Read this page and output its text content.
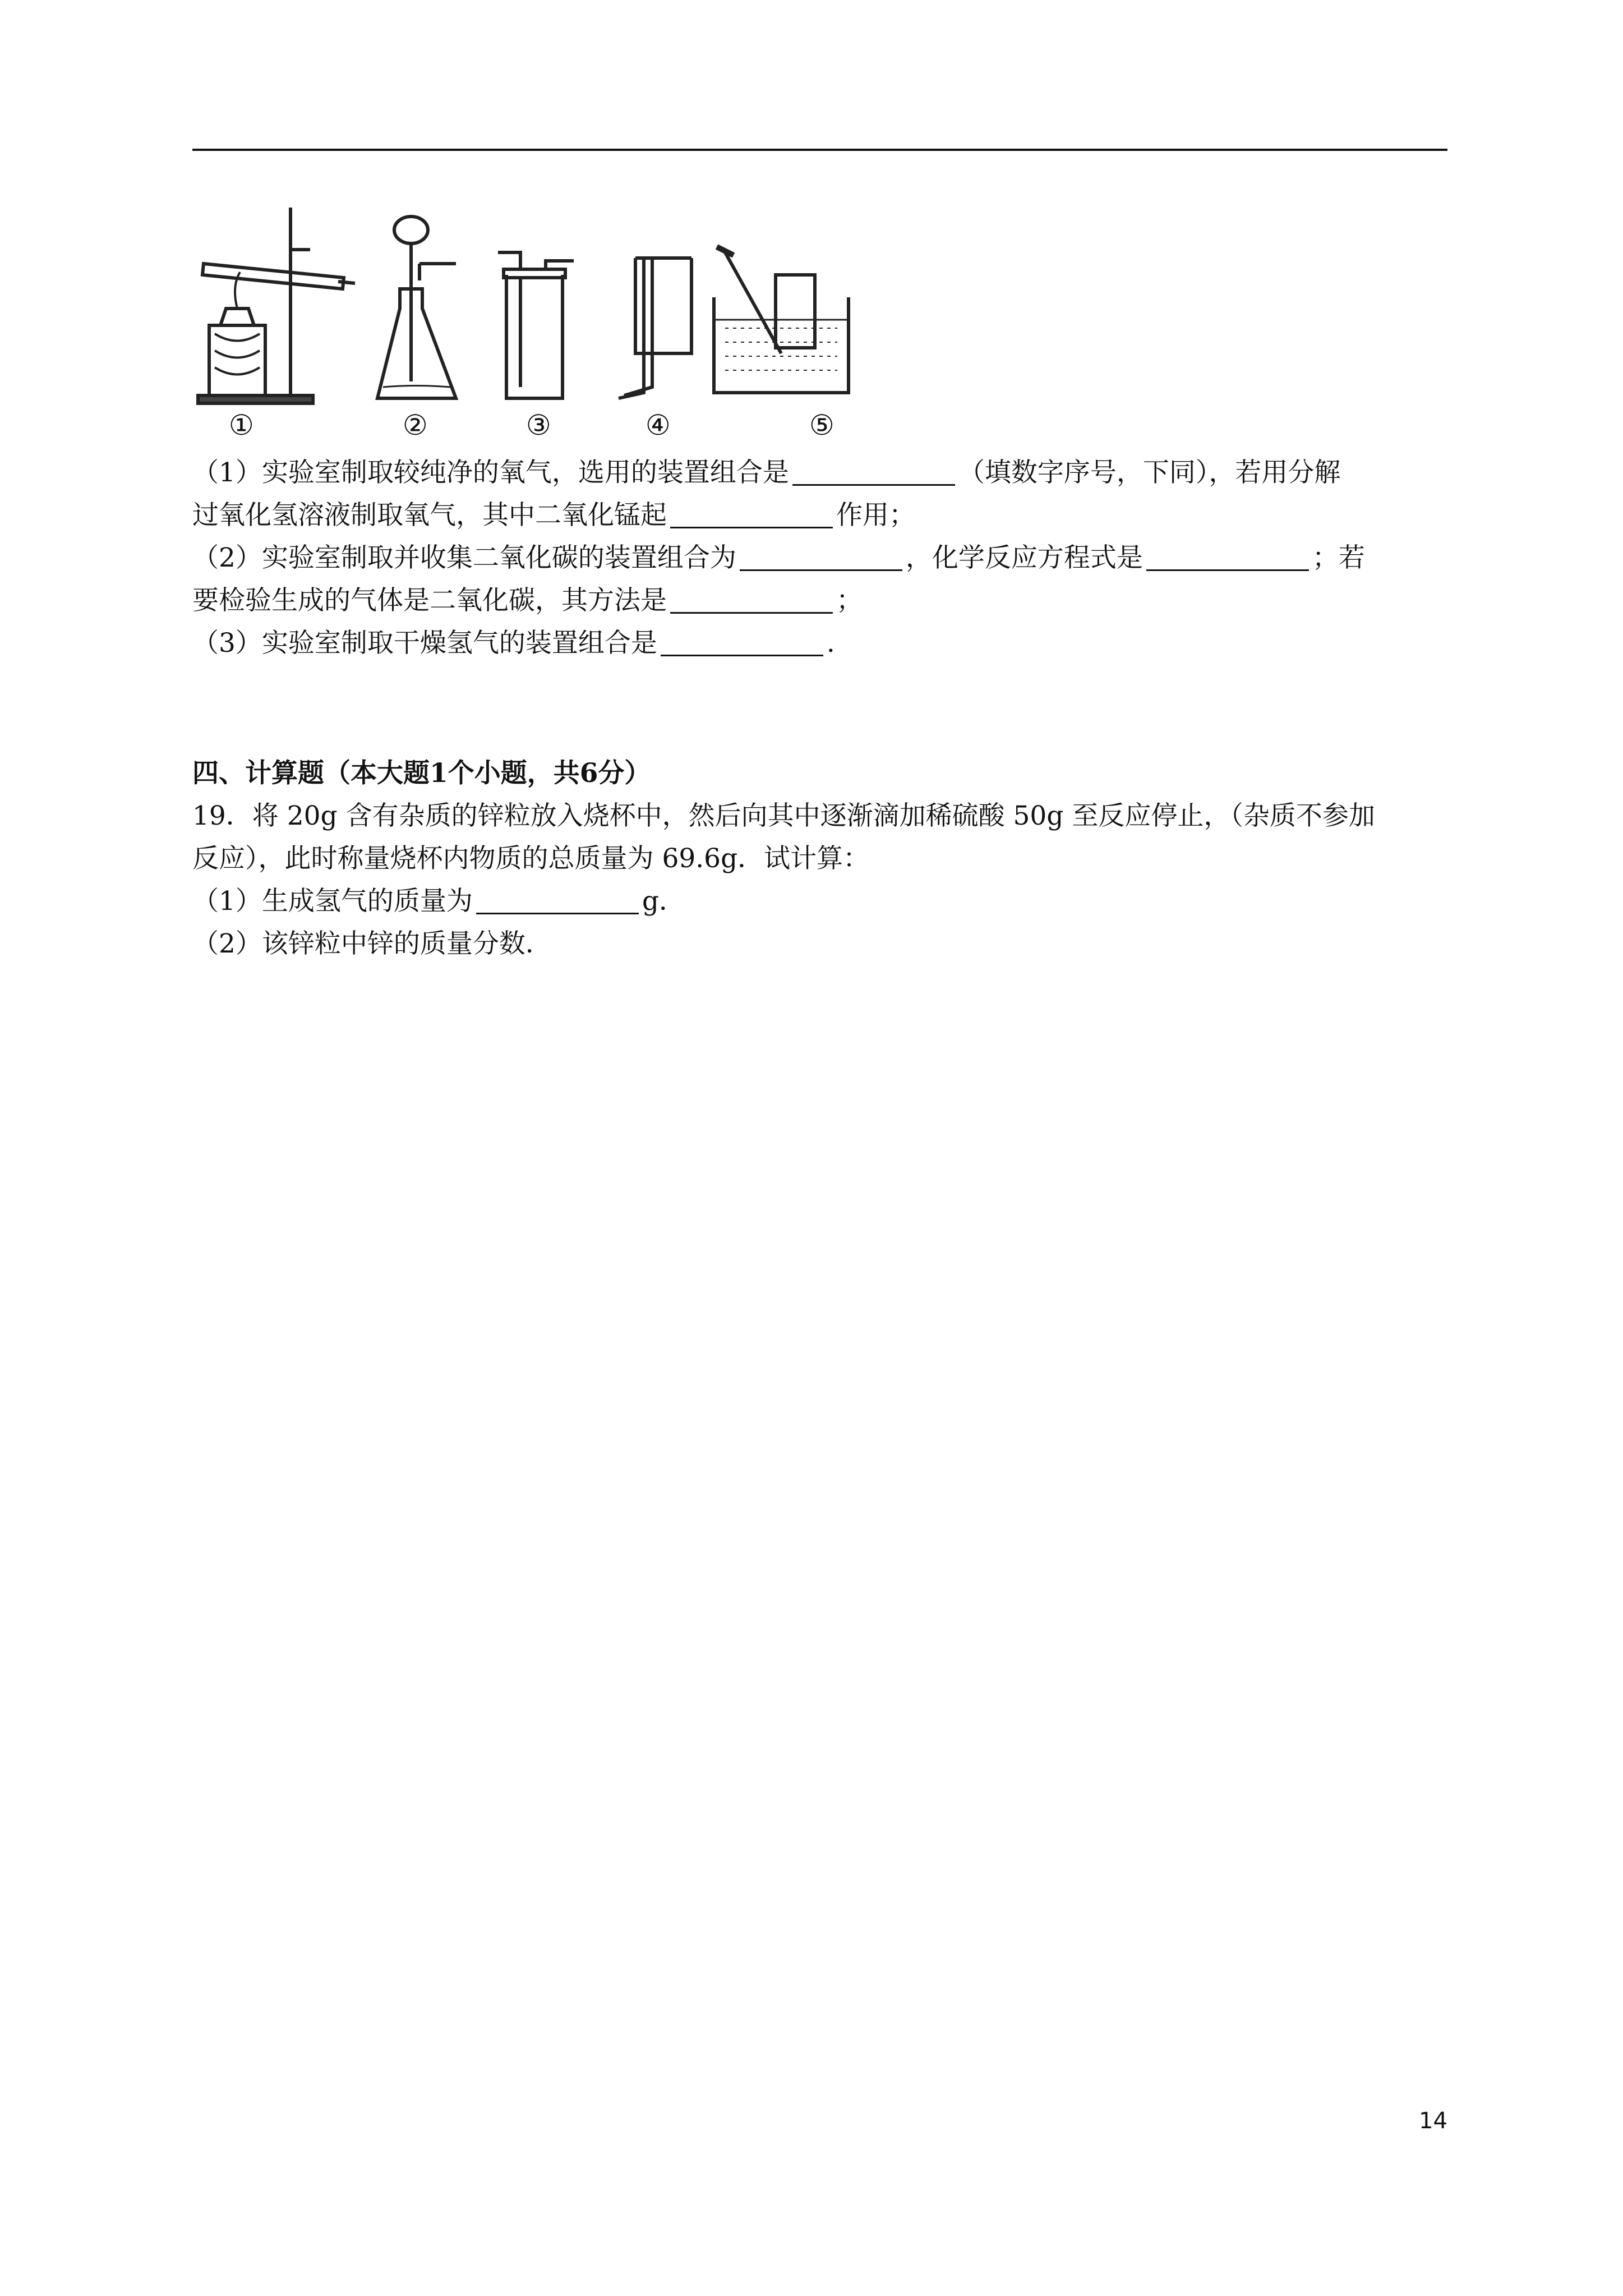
①	②	③	④	⑤
（1）实验室制取较纯净的氧气，选用的装置组合是	（填数字序号，下同），若用分解
过氧化氢溶液制取氧气，其中二氧化锰起	作用；
（2）实验室制取并收集二氧化碳的装置组合为	，化学反应方程式是	；若
要检验生成的气体是二氧化碳，其方法是	；
（3）实验室制取干燥氢气的装置组合是	.
四、计算题（本大题1个小题，共6分）
19．将 20g 含有杂质的锌粒放入烧杯中，然后向其中逐渐滴加稀硫酸 50g 至反应停止，（杂质不参加
反应），此时称量烧杯内物质的总质量为 69.6g．试计算：
（1）生成氢气的质量为	g．
（2）该锌粒中锌的质量分数．
14
